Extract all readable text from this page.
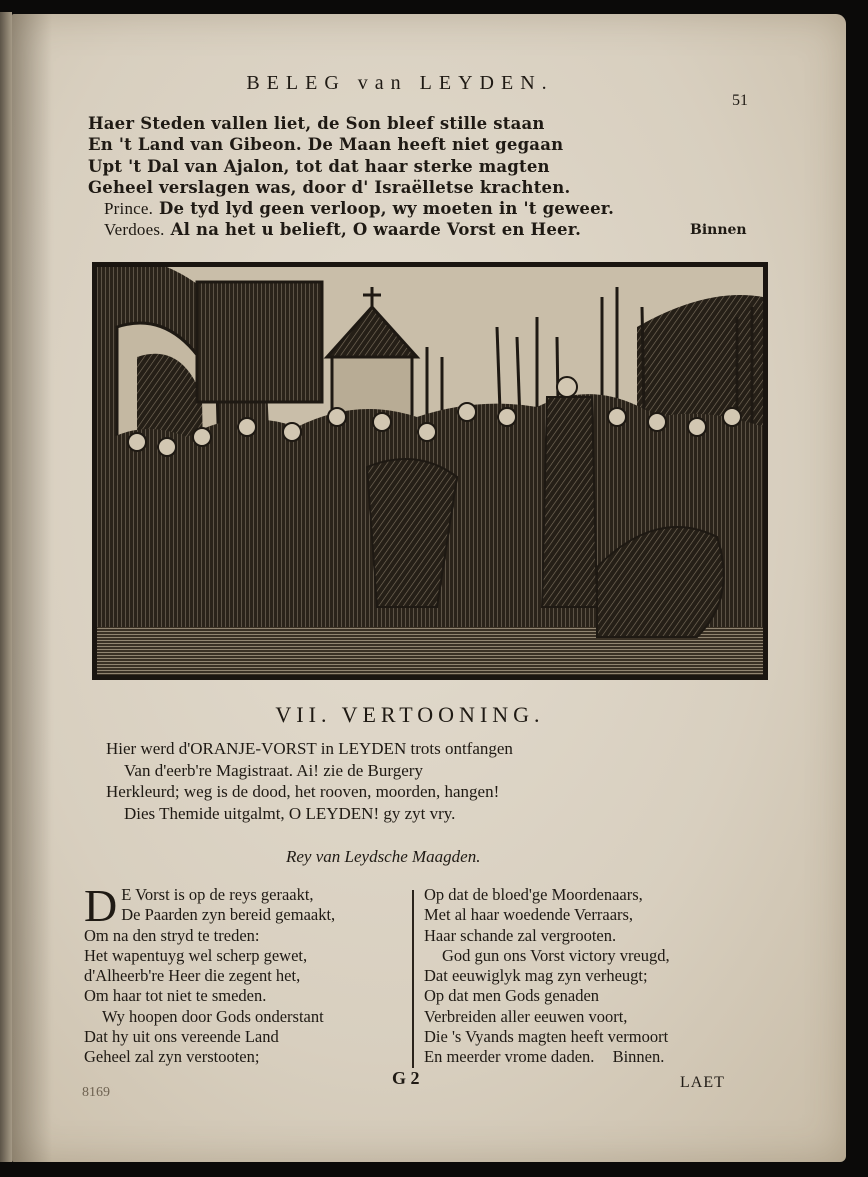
BELEG van LEYDEN.
51
Haer Steden vallen liet, de Son bleef stille staan
En 't Land van Gibeon. De Maan heeft niet gegaan
Upt 't Dal van Ajalon, tot dat haar sterke magten
Geheel verslagen was, door d' Israëlletse krachten.
Prince. De tyd lyd geen verloop, wy moeten in 't geweer.
Verdoes. Al na het u belieft, O waarde Vorst en Heer.	Binnen
VII. VERTOONING.
Hier werd d'ORANJE-VORST in LEYDEN trots ontfangen
Van d'eerb're Magistraat. Ai! zie de Burgery
Herkleurd; weg is de dood, het rooven, moorden, hangen!
Dies Themide uitgalmt, O LEYDEN! gy zyt vry.
Rey van Leydsche Maagden.
D E Vorst is op de reys geraakt,
De Paarden zyn bereid gemaakt,
Om na den stryd te treden:
Het wapentuyg wel scherp gewet,
d'Alheerb're Heer die zegent het,
Om haar tot niet te smeden.
Wy hoopen door Gods onderstant
Dat hy uit ons vereende Land
Geheel zal zyn verstooten;
Op dat de bloed'ge Moordenaars,
Met al haar woedende Verraars,
Haar schande zal vergrooten.
God gun ons Vorst victory vreugd,
Dat eeuwiglyk mag zyn verheugt;
Op dat men Gods genaden
Verbreiden aller eeuwen voort,
Die 's Vyands magten heeft vermoort
En meerder vrome daden. Binnen.
G 2	LAET
8169
